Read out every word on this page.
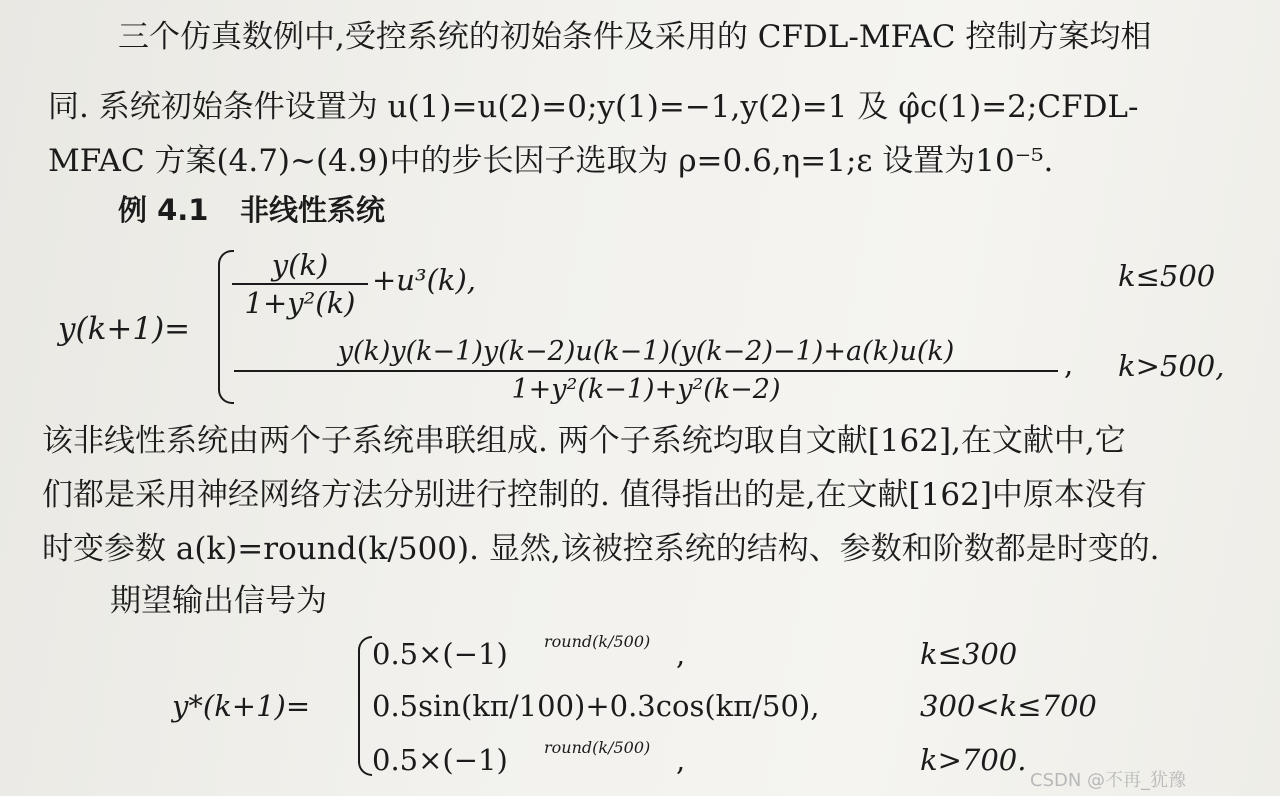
三个仿真数例中,受控系统的初始条件及采用的 CFDL-MFAC 控制方案均相
同. 系统初始条件设置为 u(1)=u(2)=0;y(1)=−1,y(2)=1 及 φ̂c(1)=2;CFDL-
MFAC 方案(4.7)~(4.9)中的步长因子选取为 ρ=0.6,η=1;ε 设置为10⁻⁵.
例 4.1 非线性系统
y(k+1)=
y(k)
1+y²(k)
+u³(k),	k≤500
y(k)y(k−1)y(k−2)u(k−1)(y(k−2)−1)+a(k)u(k)
1+y²(k−1)+y²(k−2)
, k>500,
该非线性系统由两个子系统串联组成. 两个子系统均取自文献[162],在文献中,它
们都是采用神经网络方法分别进行控制的. 值得指出的是,在文献[162]中原本没有
时变参数 a(k)=round(k/500). 显然,该被控系统的结构、参数和阶数都是时变的.
期望输出信号为
y*(k+1)=
0.5×(−1) round(k/500) ,	k≤300
0.5sin(kπ/100)+0.3cos(kπ/50),	300<k≤700
0.5×(−1) round(k/500) ,	k>700.
CSDN @不再_犹豫
